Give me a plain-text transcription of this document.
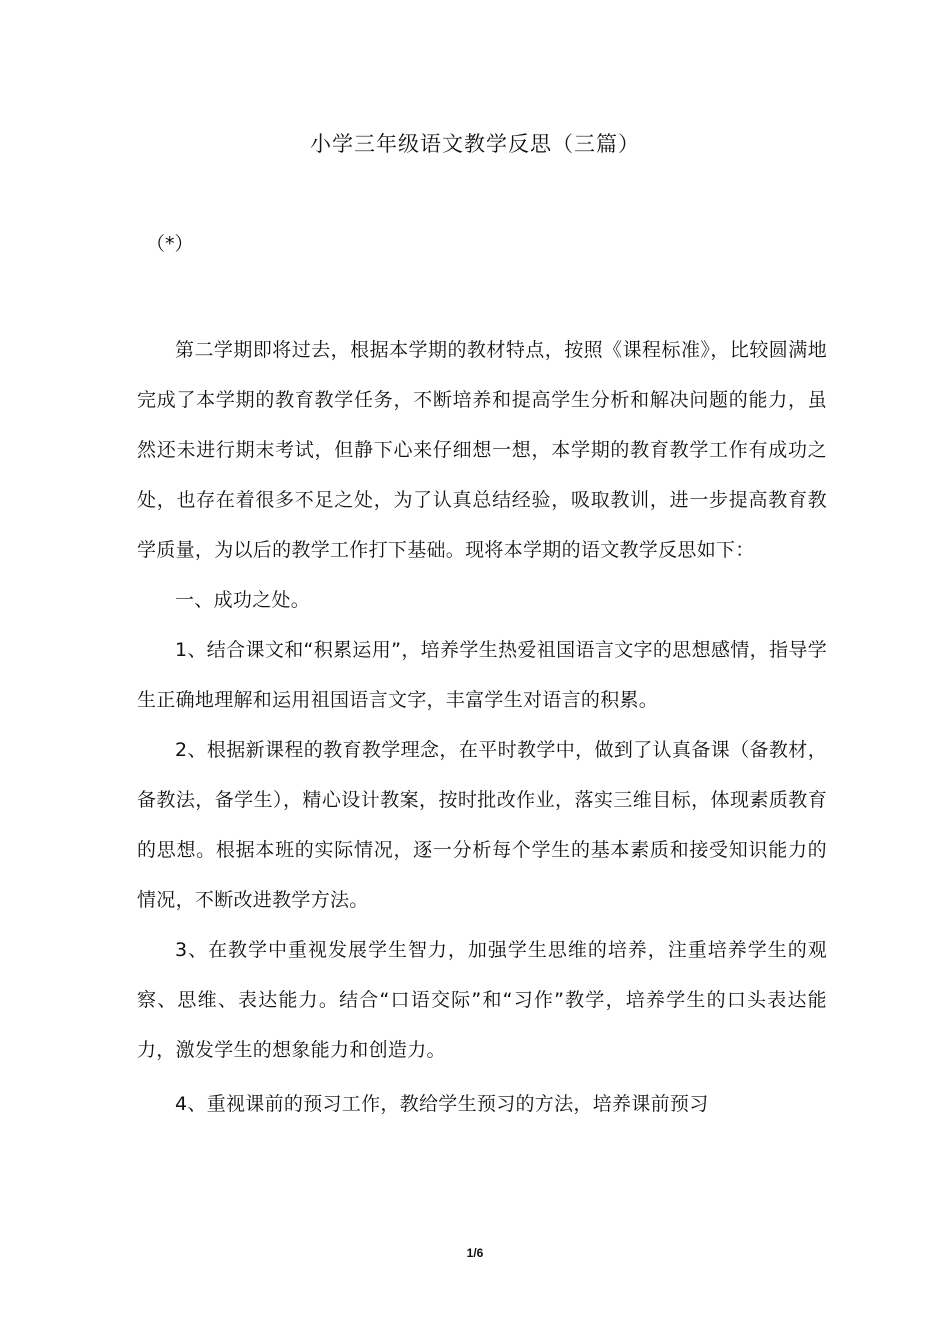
小学三年级语文教学反思（三篇）
（*）

第二学期即将过去，根据本学期的教材特点，按照《课程标准》，比较圆满地完成了本学期的教育教学任务，不断培养和提高学生分析和解决问题的能力，虽然还未进行期末考试，但静下心来仔细想一想，本学期的教育教学工作有成功之处，也存在着很多不足之处，为了认真总结经验，吸取教训，进一步提高教育教学质量，为以后的教学工作打下基础。现将本学期的语文教学反思如下：

一、成功之处。

1、结合课文和“积累运用”，培养学生热爱祖国语言文字的思想感情，指导学生正确地理解和运用祖国语言文字，丰富学生对语言的积累。

2、根据新课程的教育教学理念，在平时教学中，做到了认真备课（备教材，备教法，备学生），精心设计教案，按时批改作业，落实三维目标，体现素质教育的思想。根据本班的实际情况，逐一分析每个学生的基本素质和接受知识能力的情况，不断改进教学方法。

3、在教学中重视发展学生智力，加强学生思维的培养，注重培养学生的观察、思维、表达能力。结合“口语交际”和“习作”教学，培养学生的口头表达能力，激发学生的想象能力和创造力。

4、重视课前的预习工作，教给学生预习的方法，培养课前预习

1/6
